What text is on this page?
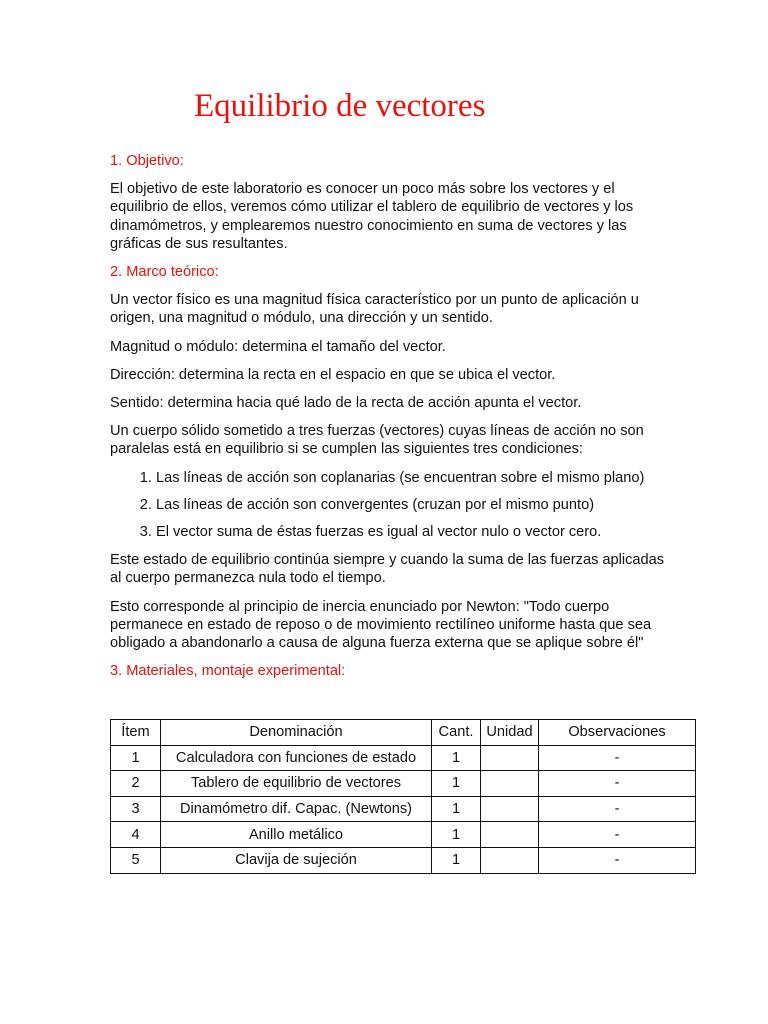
Equilibrio de vectores
1. Objetivo:

El objetivo de este laboratorio es conocer un poco más sobre los vectores y el equilibrio de ellos, veremos cómo utilizar el tablero de equilibrio de vectores y los dinamómetros, y emplearemos nuestro conocimiento en suma de vectores y las gráficas de sus resultantes.

2. Marco teórico:

Un vector físico es una magnitud física característico por un punto de aplicación u origen, una magnitud o módulo, una dirección y un sentido.

Magnitud o módulo: determina el tamaño del vector.

Dirección: determina la recta en el espacio en que se ubica el vector.

Sentido: determina hacia qué lado de la recta de acción apunta el vector.

Un cuerpo sólido sometido a tres fuerzas (vectores) cuyas líneas de acción no son paralelas está en equilibrio si se cumplen las siguientes tres condiciones:

1. Las líneas de acción son coplanarias (se encuentran sobre el mismo plano)
2. Las líneas de acción son convergentes (cruzan por el mismo punto)
3. El vector suma de éstas fuerzas es igual al vector nulo o vector cero.

Este estado de equilibrio continúa siempre y cuando la suma de las fuerzas aplicadas al cuerpo permanezca nula todo el tiempo.

Esto corresponde al principio de inercia enunciado por Newton: "Todo cuerpo permanece en estado de reposo o de movimiento rectilíneo uniforme hasta que sea obligado a abandonarlo a causa de alguna fuerza externa que se aplique sobre él"

3. Materiales, montaje experimental:
Ítem	Denominación	Cant.	Unidad	Observaciones
1	Calculadora con funciones de estado	1		-
2	Tablero de equilibrio de vectores	1		-
3	Dinamómetro dif. Capac. (Newtons)	1		-
4	Anillo metálico	1		-
5	Clavija de sujeción	1		-
